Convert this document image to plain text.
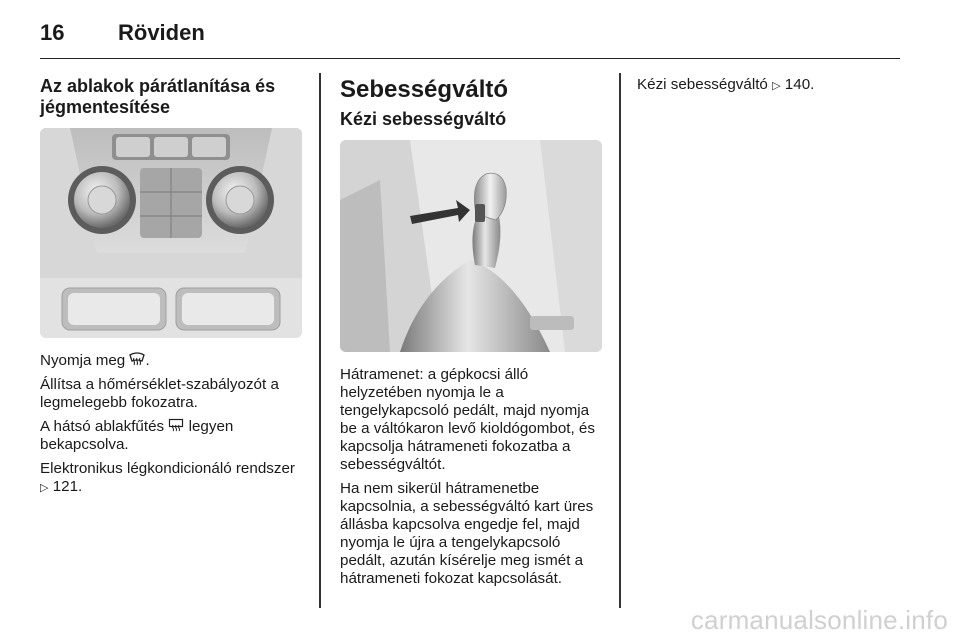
16 Röviden
Az ablakok párátlanítása és jégmentesítése

Nyomja meg .

Állítsa a hőmérséklet-szabályozót a legmelegebb fokozatra.

A hátsó ablakfűtés legyen bekapcsolva.

Elektronikus légkondicionáló rendszer ▷ 121.

Sebességváltó
Kézi sebességváltó

Hátramenet: a gépkocsi álló helyzetében nyomja le a tengelykapcsoló pedált, majd nyomja be a váltókaron levő kioldógombot, és kapcsolja hátrameneti fokozatba a sebességváltót.

Ha nem sikerül hátramenetbe kapcsolnia, a sebességváltó kart üres állásba kapcsolva engedje fel, majd nyomja le újra a tengelykapcsoló pedált, azután kísérelje meg ismét a hátrameneti fokozat kapcsolását.

Kézi sebességváltó ▷ 140.

carmanualsonline.info
